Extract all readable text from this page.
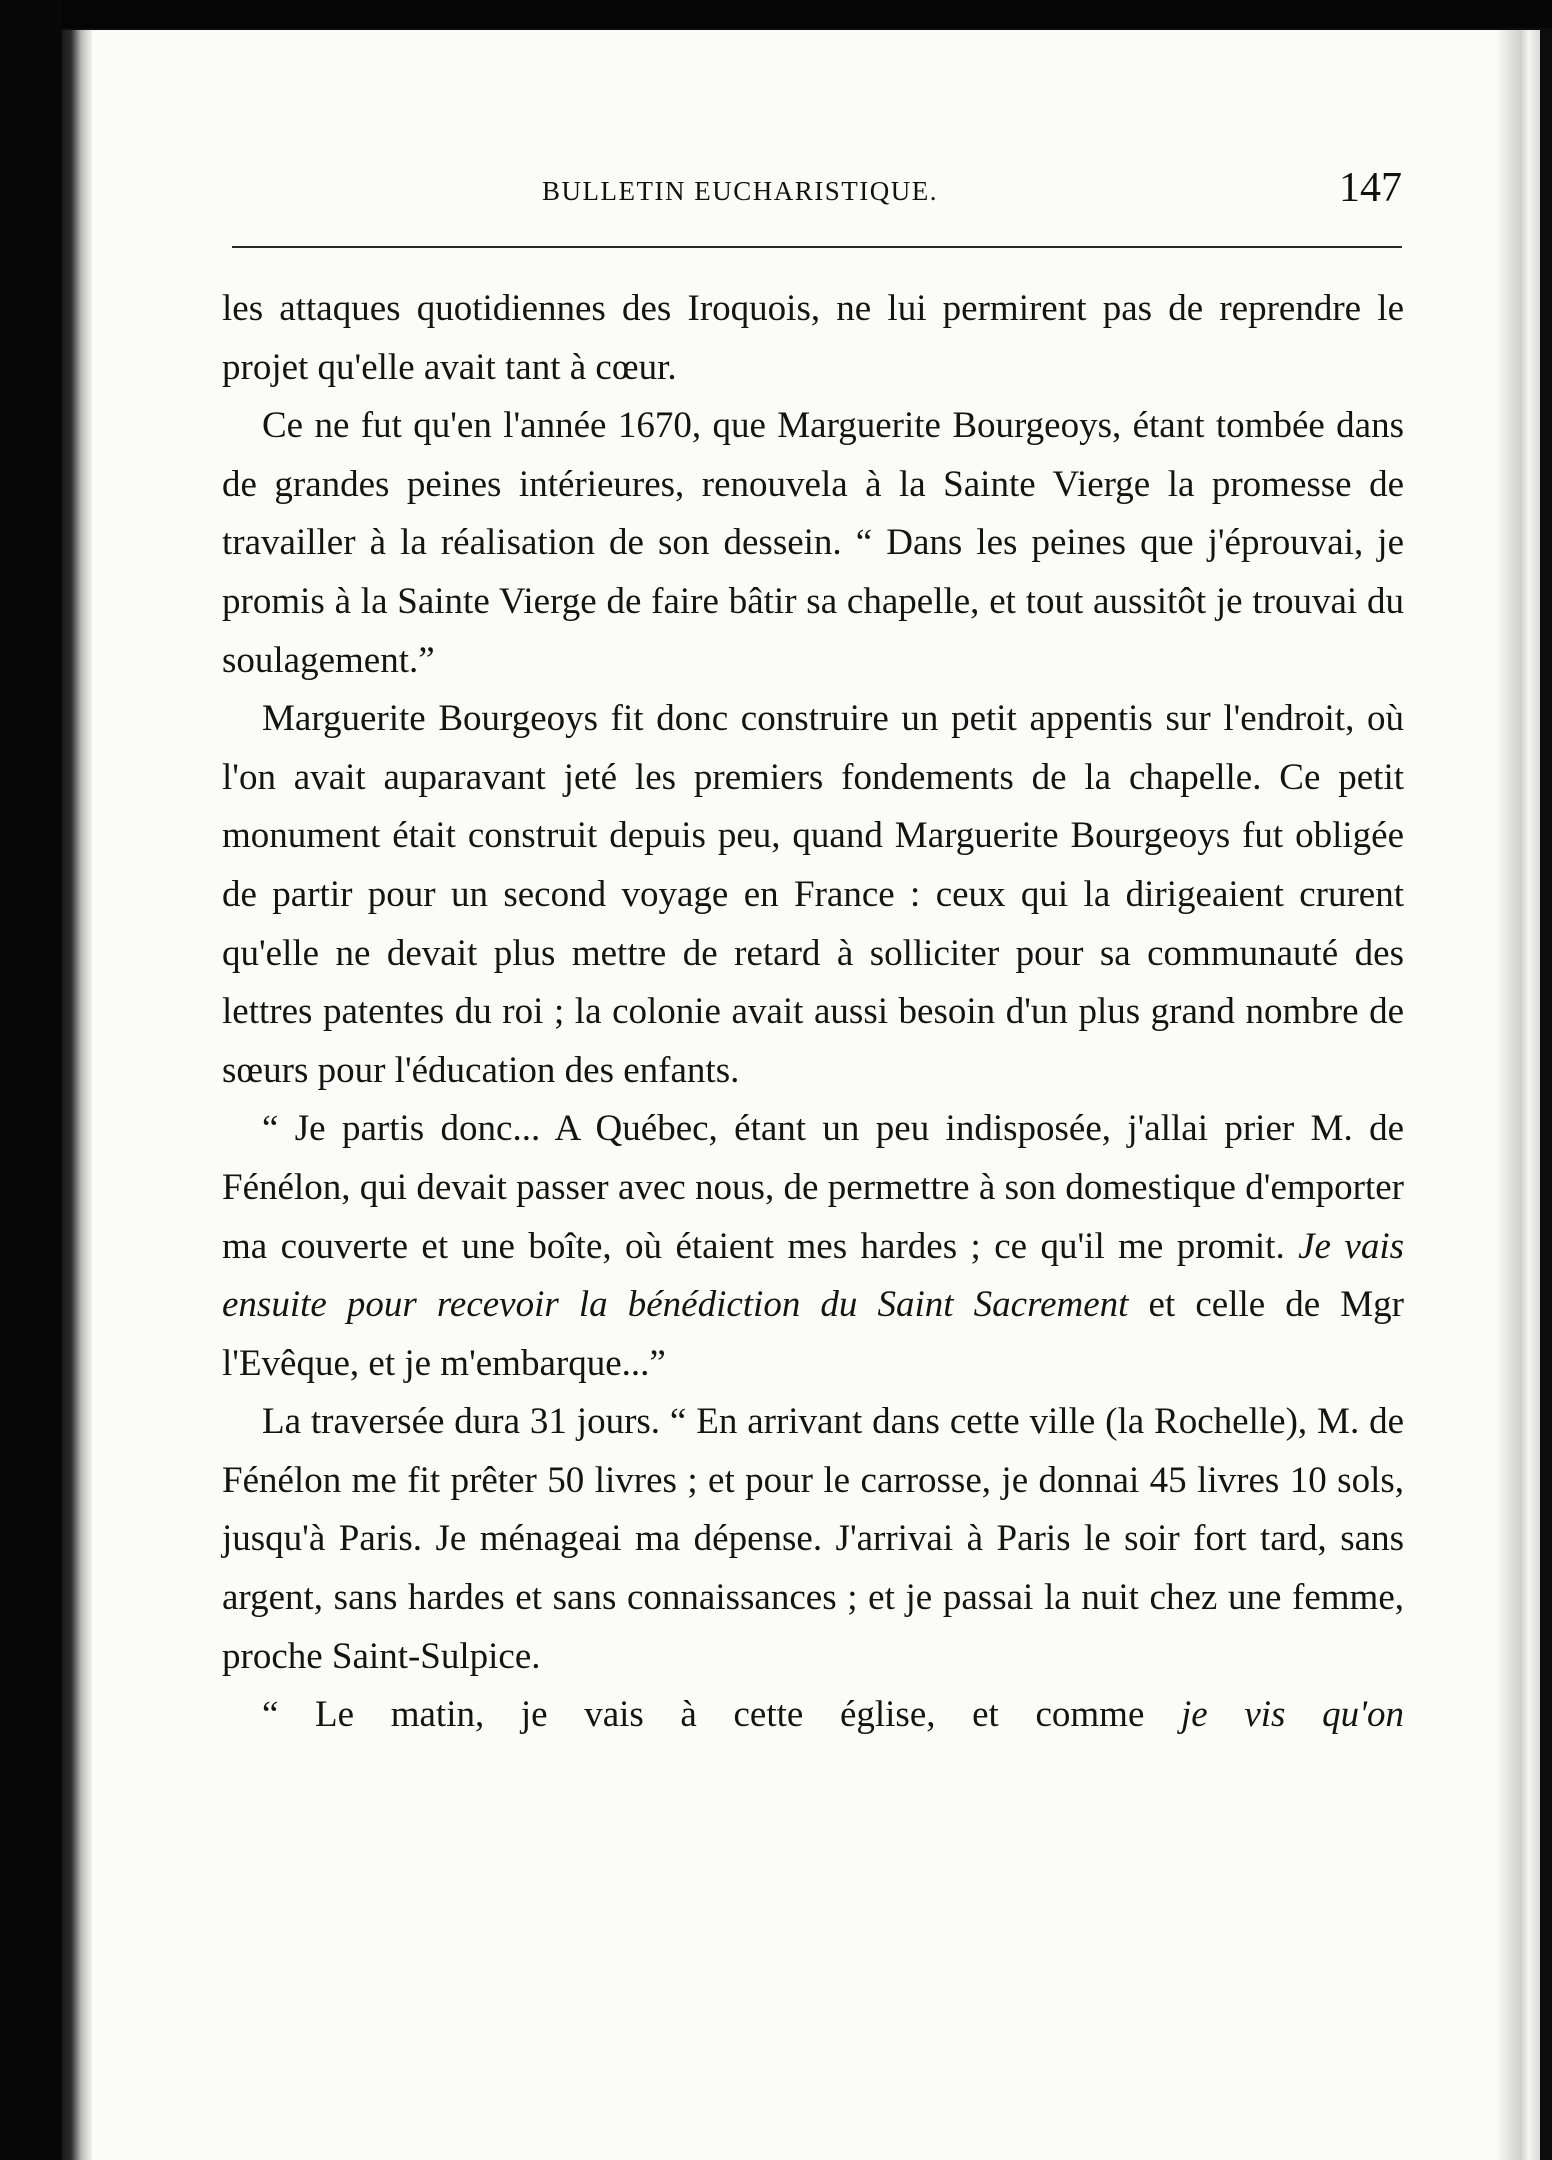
BULLETIN EUCHARISTIQUE.	147

les attaques quotidiennes des Iroquois, ne lui permirent pas de reprendre le projet qu'elle avait tant à cœur.

Ce ne fut qu'en l'année 1670, que Marguerite Bourgeoys, étant tombée dans de grandes peines intérieures, renouvela à la Sainte Vierge la promesse de travailler à la réalisation de son dessein. “ Dans les peines que j'éprouvai, je promis à la Sainte Vierge de faire bâtir sa chapelle, et tout aussitôt je trouvai du soulagement.”

Marguerite Bourgeoys fit donc construire un petit appentis sur l'endroit, où l'on avait auparavant jeté les premiers fondements de la chapelle. Ce petit monument était construit depuis peu, quand Marguerite Bourgeoys fut obligée de partir pour un second voyage en France : ceux qui la dirigeaient crurent qu'elle ne devait plus mettre de retard à solliciter pour sa communauté des lettres patentes du roi ; la colonie avait aussi besoin d'un plus grand nombre de sœurs pour l'éducation des enfants.

“ Je partis donc... A Québec, étant un peu indisposée, j'allai prier M. de Fénélon, qui devait passer avec nous, de permettre à son domestique d'emporter ma couverte et une boîte, où étaient mes hardes ; ce qu'il me promit. Je vais ensuite pour recevoir la bénédiction du Saint Sacrement et celle de Mgr l'Evêque, et je m'embarque...”

La traversée dura 31 jours. “ En arrivant dans cette ville (la Rochelle), M. de Fénélon me fit prêter 50 livres ; et pour le carrosse, je donnai 45 livres 10 sols, jusqu'à Paris. Je ménageai ma dépense. J'arrivai à Paris le soir fort tard, sans argent, sans hardes et sans connaissances ; et je passai la nuit chez une femme, proche Saint-Sulpice.

“ Le matin, je vais à cette église, et comme je vis qu'on
